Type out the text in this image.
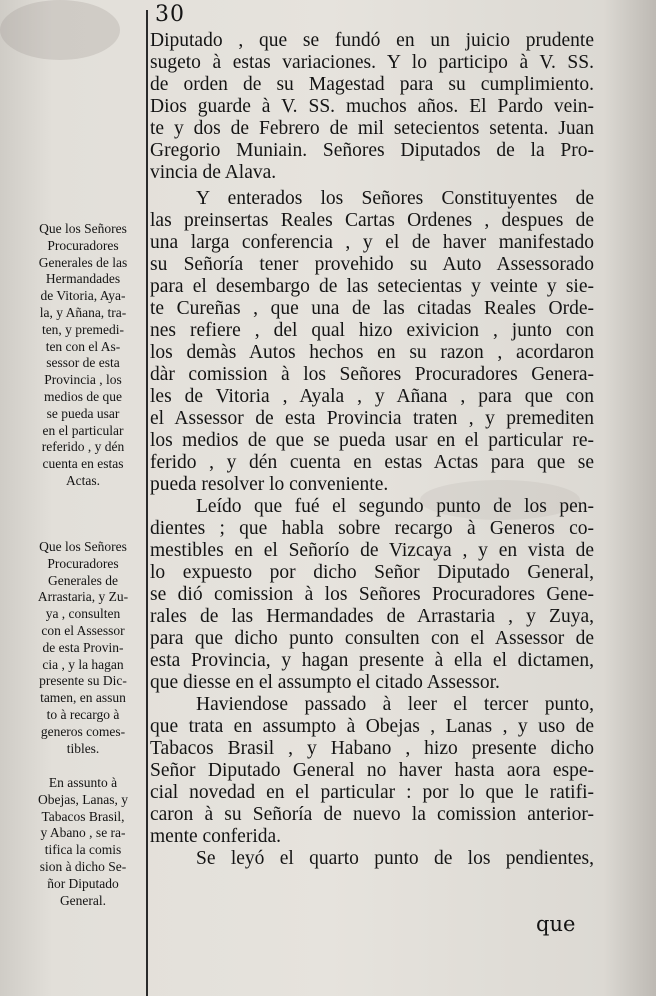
30
Diputado , que se fundó en un juicio prudente
sugeto à estas variaciones. Y lo participo à V. SS.
de orden de su Magestad para su cumplimiento.
Dios guarde à V. SS. muchos años. El Pardo vein-
te y dos de Febrero de mil setecientos setenta. Juan
Gregorio Muniain. Señores Diputados de la Pro-
vincia de Alava.
Y enterados los Señores Constituyentes de
las preinsertas Reales Cartas Ordenes , despues de
una larga conferencia , y el de haver manifestado
su Señoría tener provehido su Auto Assessorado
para el desembargo de las setecientas y veinte y sie-
te Cureñas , que una de las citadas Reales Orde-
nes refiere , del qual hizo exivicion , junto con
los demàs Autos hechos en su razon , acordaron
dàr comission à los Señores Procuradores Genera-
les de Vitoria , Ayala , y Añana , para que con
el Assessor de esta Provincia traten , y premediten
los medios de que se pueda usar en el particular re-
ferido , y dén cuenta en estas Actas para que se
pueda resolver lo conveniente.
Leído que fué el segundo punto de los pen-
dientes ; que habla sobre recargo à Generos co-
mestibles en el Señorío de Vizcaya , y en vista de
lo expuesto por dicho Señor Diputado General,
se dió comission à los Señores Procuradores Gene-
rales de las Hermandades de Arrastaria , y Zuya,
para que dicho punto consulten con el Assessor de
esta Provincia, y hagan presente à ella el dictamen,
que diesse en el assumpto el citado Assessor.
Haviendose passado à leer el tercer punto,
que trata en assumpto à Obejas , Lanas , y uso de
Tabacos Brasil , y Habano , hizo presente dicho
Señor Diputado General no haver hasta aora espe-
cial novedad en el particular : por lo que le ratifi-
caron à su Señoría de nuevo la comission anterior-
mente conferida.
Se leyó el quarto punto de los pendientes,
Que los Señores
Procuradores
Generales de las
Hermandades
de Vitoria, Aya-
la, y Añana, tra-
ten, y premedi-
ten con el As-
sessor de esta
Provincia , los
medios de que
se pueda usar
en el particular
referido , y dén
cuenta en estas
Actas.
Que los Señores
Procuradores
Generales de
Arrastaria, y Zu-
ya , consulten
con el Assessor
de esta Provin-
cia , y la hagan
presente su Dic-
tamen, en assun
to à recargo à
generos comes-
tibles.
En assunto à
Obejas, Lanas, y
Tabacos Brasil,
y Abano , se ra-
tifica la comis
sion à dicho Se-
ñor Diputado
General.
que
